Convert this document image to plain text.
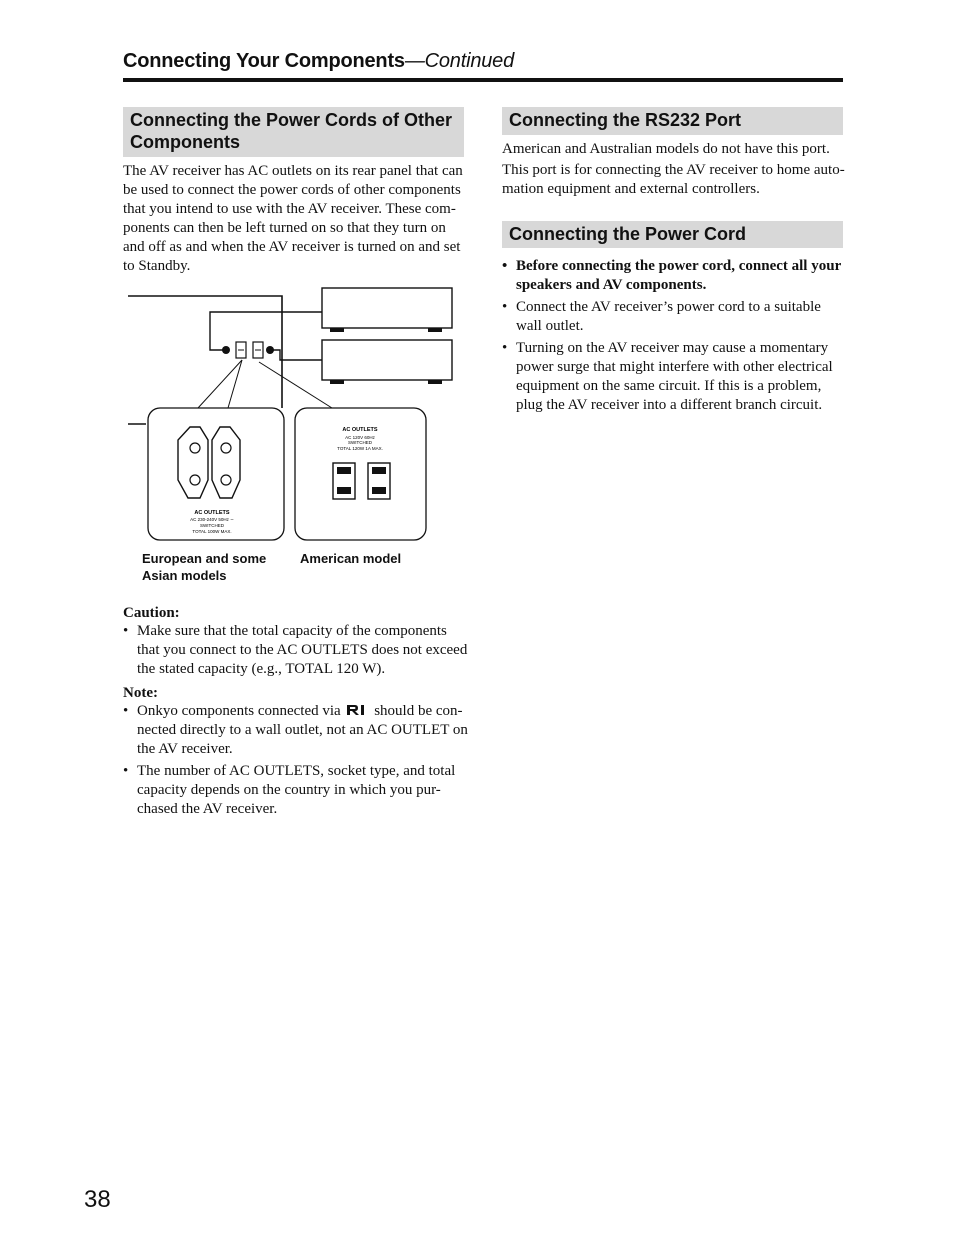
Connecting Your Components—Continued
Connecting the Power Cords of Other Components
The AV receiver has AC outlets on its rear panel that can
be used to connect the power cords of other components
that you intend to use with the AV receiver. These com-
ponents can then be left turned on so that they turn on
and off as and when the AV receiver is turned on and set
to Standby.
AC OUTLETS
AC 230-240V 50Hz ∼
SWITCHED
TOTAL 100W MAX.
AC OUTLETS
AC 120V 60Hz
SWITCHED
TOTAL 120W 1A MAX.
European and some
Asian models
American model
Caution:
• Make sure that the total capacity of the components
that you connect to the AC OUTLETS does not exceed
the stated capacity (e.g., TOTAL 120 W).
Note:
• Onkyo components connected via  should be con-
nected directly to a wall outlet, not an AC OUTLET on
the AV receiver.
• The number of AC OUTLETS, socket type, and total
capacity depends on the country in which you pur-
chased the AV receiver.
Connecting the RS232 Port
American and Australian models do not have this port.
This port is for connecting the AV receiver to home auto-
mation equipment and external controllers.
Connecting the Power Cord
• Before connecting the power cord, connect all your
speakers and AV components.
• Connect the AV receiver’s power cord to a suitable
wall outlet.
• Turning on the AV receiver may cause a momentary
power surge that might interfere with other electrical
equipment on the same circuit. If this is a problem,
plug the AV receiver into a different branch circuit.
38
